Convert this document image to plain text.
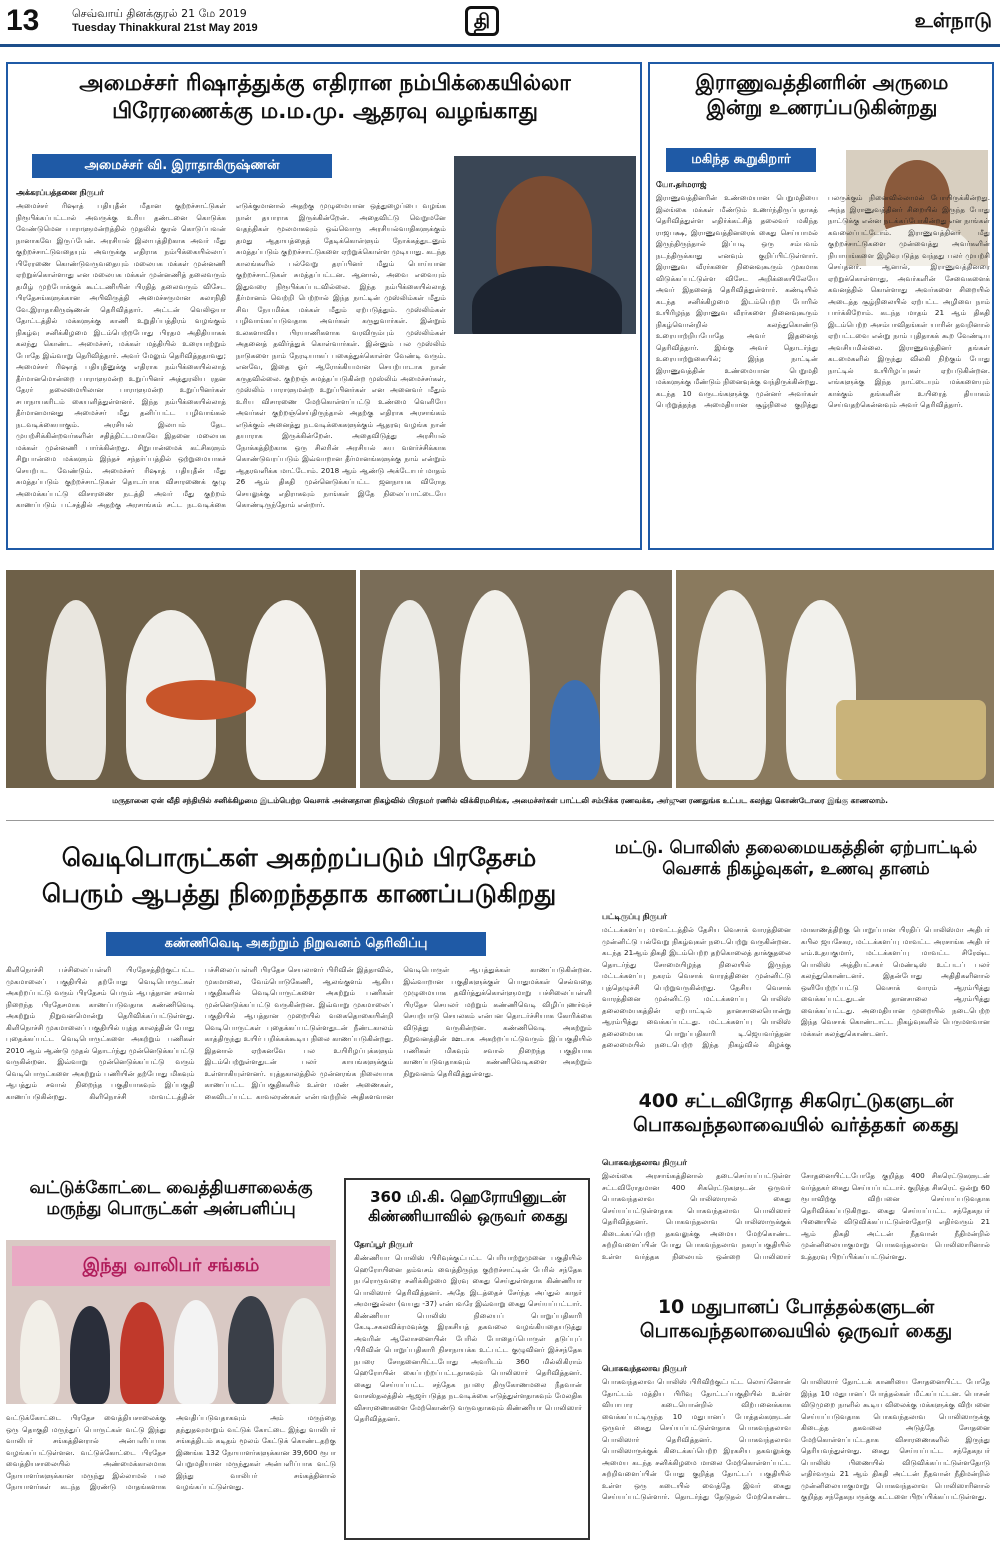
13	செவ்வாய் தினக்குரல் 21 மே 2019
Tuesday Thinakkural 21st May 2019	தி	உள்நாடு
அமைச்சர் ரிஷாத்துக்கு எதிரான நம்பிக்கையில்லா
பிரேரணைக்கு ம.ம.மு. ஆதரவு வழங்காது
அமைச்சர் வி. இராதாகிருஷ்ணன்
அக்கரப்பத்தனை நிருபர்
அமைச்சர் ரிஷாத் பதியுதீன் மீதான குற்றச்சாட்டுகள் நிரூபிக்கப்பட்டால் அவருக்கு உரிய தண்டனை கொடுக்க வேண்டுமென பாராளுமன்றத்தில் முதலில் குரல் கொடுப்பவன் நானாகவே இருப்பேன். அரசியல் இலாபத்திற்காக அவர் மீது குற்றச்சாட்டுவதையும் அவருக்கு எதிராக நம்பிக்கையில்லாப் பிரேரணை கொண்டுவருவதையும் மலையக மக்கள் முன்னணி ஏற்றுக்கொள்ளாது என மலையக மக்கள் முன்னணித் தலைவரும் தமிழ் முற்போக்குக் கூட்டணியின் பிரதித் தலைவரும் விசேட பிரதேசங்களுக்கான அபிவிருத்தி அமைச்சருமான கலாநிதி வே.இராதாகிருஷ்ணன் தெரிவித்தார். அட்டன் வெலிஓயா தோட்டத்தில் மக்களுக்கு காணி உறுதிப்பத்திரம் வழங்கும் நிகழ்வு சனிக்கிழமை இடம்பெற்றபோது பிரதம அதிதியாகக் கலந்து கொண்ட அமைச்சர், மக்கள் மத்தியில் உரையாற்றும் போதே இவ்வாறு தெரிவித்தார். அவர் மேலும் தெரிவித்ததாவது; அமைச்சர் ரிஷாத் பதியுதீனுக்கு எதிராக நம்பிக்கையில்லாத் தீர்மானமொன்றை பாராளுமன்ற உறுப்பினர் அத்துரலிய ரதன தேரர் தலைமையிலான பாராளுமன்ற உறுப்பினர்கள் சபாநாயகரிடம் கையளித்துள்ளனர். இந்த நம்பிக்கையில்லாத் தீர்மானமானது அமைச்சர் மீது தனிப்பட்ட பழிவாங்கல் நடவடிக்கையாகும். அரசியல் இலாபம் தேட முயற்சிக்கின்றவர்களின் சதித்திட்டமாகவே இதனை மலையக மக்கள் முன்னணி பார்க்கின்றது. சிறுபான்மைக் கட்சிகளும் சிறுபான்மை மக்களும் இந்தச் சந்தர்ப்பத்தில் ஒற்றுமையாகச் செயற்பட வேண்டும். அமைச்சர் ரிஷாத் பதியுதீன் மீது சுமத்தப்படும் குற்றச்சாட்டுகள் தொடர்பாக விசாரணைக் குழு அமைக்கப்பட்டு விசாரணை நடத்தி அவர் மீது குற்றம் காணப்படும் பட்சத்தில் அதற்கு அரசாங்கம் சட்ட நடவடிக்கை எடுக்குமானால் அதற்கு முழுமையான ஒத்துழைப்பை வழங்க நான் தயாராக இருக்கின்றேன். அதைவிட்டு வெறுமனே வதந்திகள் மூலமாகவும் ஒவ்வொரு அரசியல்வாதிகளுக்கும் தமது ஆதாயத்தைத் தேடிக்கொள்ளும் நோக்கத்துடனும் சுமத்தப்படும் குற்றச்சாட்டுகளை ஏற்றுக்கொள்ள முடியாது. கடந்த காலங்களில் பல்வேறு தரப்பினர் மீதும் பொய்யான குற்றச்சாட்டுகள் சுமத்தப்பட்டன. ஆனால், அவை எவையும் இதுவரை நிரூபிக்கப்படவில்லை. இந்த நம்பிக்கையில்லாத் தீர்மானம் வெற்றி பெற்றால் இந்த நாட்டின் முஸ்லிம்கள் மீதும் சிவ நேயமிக்க மக்கள் மீதும் ஏற்படுத்தும். முஸ்லிம்கள் பழிவாங்கப்படுவதாக அவர்கள் கருதுவார்கள். இன்றும் உலகளாவிய பிரயாணிகளாக வரவிரும்பும் முஸ்லிம்கள் அதனைத் தவிர்த்துக் கொள்வார்கள். இன்னும் பல முஸ்லிம் நாடுகளை நாம் நேரடியாகப் பகைத்துக்கொள்ள வேண்டி வரும். எனவே, இதை ஓர் ஆரோக்கியமான செயற்பாடாக நான் கருதவில்லை. குற்றஞ் சுமத்தப்படுகின்ற முஸ்லிம் அமைச்சர்கள், முஸ்லிம் பாராளுமன்ற உறுப்பினர்கள் என அனைவர் மீதும் உரிய விசாரணை மேற்கொள்ளப்பட்டு உண்மை வெளியே அவர்கள் குற்றஞ்செய்திருந்தால் அதற்கு எதிராக அரசாங்கம் எடுக்கும் அனைத்து நடவடிக்கைகளுக்கும் ஆதரவு வழங்க நான் தயாராக இருக்கின்றேன். அதைவிடுத்து அரசியல் நோக்கத்திற்காக ஒரு சிலரின் அரசியல் சுய வளர்ச்சிக்காக கொண்டுவரப்படும் இவ்வாறான தீர்மானங்களுக்கு நாம் என்றும் ஆதரவளிக்க மாட்டோம். 2018 ஆம் ஆண்டு அக்டோபர் மாதம் 26 ஆம் திகதி முன்னெடுக்கப்பட்ட ஜனநாயக விரோத செயலுக்கு எதிராகவும் நாங்கள் இதே நிலைப்பாட்டையே கொண்டிருந்தோம் என்றார்.
இராணுவத்தினரின் அருமை
இன்று உணரப்படுகின்றது
மகிந்த கூறுகிறார்
யோ.தர்மராஜ்
இராணுவத்தினரின் உண்மையான பெறுமதியை இலங்கை மக்கள் மீண்டும் உணர்ந்திருப்பதாகத் தெரிவித்துள்ள எதிர்க்கட்சித் தலைவர் மகிந்த ராஜபக்ஷ, இராணுவத்தினரைக் கைது செய்யாமல் இருந்திருந்தால் இப்படி ஒரு சம்பவம் நடந்திருக்காது எனவும் குறிப்பிட்டுள்ளார். இராணுவ வீரர்களை நினைவுகூரும் முகமாக விடுக்கப்பட்டுள்ள விசேட அறிக்கையிலேயே அவர் இதனைத் தெரிவித்துள்ளார். கண்டியில் கடந்த சனிக்கிழமை இடம்பெற்ற போரில் உயிரிழந்த இராணுவ வீரர்களை நினைவுகூரும் நிகழ்வொன்றில் கலந்துகொண்டு உரையாற்றியபோதே அவர் இதனைத் தெரிவித்தார். இங்கு அவர் தொடர்ந்து உரையாற்றுகையில்; இந்த நாட்டின் இராணுவத்தின் உண்மையான பெறுமதி மக்களுக்கு மீண்டும் நினைவுக்கு வந்திருக்கின்றது. கடந்த 10 வருடங்களுக்கு முன்னர் அவர்கள் பெற்றுத்தந்த அமைதியான சூழ்நிலை குறித்து பலருக்கும் நினைவில்லாமல் போயிருக்கின்றது. அந்த இராணுவத்தினர் சிறையில் இருந்த போது நாட்டுக்கு என்ன நடக்கப்போகின்றது என நாங்கள் கவலைப்பட்டோம். இராணுவத்தினர் மீது குற்றச்சாட்டுகளை முன்வைத்து அவர்களின் நியாயங்களை இழிவுபடுத்த வந்தது பலர் முயற்சி செய்தனர். ஆனால், இராணுவத்தினரை ஏற்றுக்கொள்ளாது, அவர்களின் சேவைகளைக் கவனத்தில் கொள்ளாது அவர்களை சிறையில் அடைத்த சூழ்நிலையில் ஏற்பட்ட அழிவை நாம் பார்க்கிறோம். கடந்த மாதம் 21 ஆம் திகதி இடம்பெற்ற அசம்பாவிதங்கள் யாரின் தவறினால் ஏற்பட்டவை என்று நாம் புதிதாகக் கூற வேண்டிய அவசியமில்லை. இராணுவத்தினர் தங்கள் கடமைகளில் இருந்து விலகி நிற்கும் போது நாட்டில் உயிரிழப்புகள் ஏற்படுகின்றன. எங்களுக்கு இந்த நாட்டையும் மக்களையும் காக்கும் தங்களின் உயிரைத் தியாகம் செய்வதற்கென்னவும் அவர் தெரிவித்தார்.
மருதானை ஏன் வீதி சந்தியில் சனிக்கிழமை இடம்பெற்ற வெசாக் அன்னதான நிகழ்வில் பிரதமர் ரணில் விக்கிரமசிங்க, அமைச்சர்கள் பாட்டலி சம்பிக்க ரணவக்க, அர்ஜுன ரணதுங்க உட்பட கலந்து கொண்டோரை இங்கு காணலாம்.
வெடிபொருட்கள் அகற்றப்படும் பிரதேசம்
பெரும் ஆபத்து நிறைந்ததாக காணப்படுகிறது
கண்ணிவெடி அகற்றும் நிறுவனம் தெரிவிப்பு
கிளிநொச்சி பச்சிலைப்பள்ளி பிரதேசத்திற்குட்பட்ட முகமாலைப் பகுதியில் தற்போது வெடிபொருட்கள் அகற்றப்பட்டு வரும் பிரதேசம் பெரும் ஆபத்தான சவால் நிறைந்த பிரதேசமாக காணப்படுவதாக கண்ணிவெடி அகற்றும் நிறுவனமொன்று தெரிவிக்கப்பட்டுள்ளது. கிளிநொச்சி முகமாலைப் பகுதியில் யுத்த காலத்தின் போது புதைக்கப்பட்ட வெடிபொருட்களை அகற்றும் பணிகள் 2010 ஆம் ஆண்டு முதல் தொடர்ந்து முன்னெடுக்கப்பட்டு வருகின்றன. இவ்வாறு முன்னெடுக்கப்பட்டு வரும் வெடிபொருட்களை அகற்றும் பணியின் தற்போது மிகவும் ஆபத்தும் சவால் நிறைந்த பகுதியாகவும் இப்பகுதி காணப்படுகின்றது. கிளிநொச்சி மாவட்டத்தின் பச்சிலைப்பள்ளி பிரதேச செயலாளர் பிரிவின் இத்தாவில், முகமாலை, வேம்பொடுகேணி, ஆலங்குளம் ஆகிய பகுதிகளில் வெடிபொருட்களை அகற்றும் பணிகள் முன்னெடுக்கப்பட்டு வருகின்றன. இவ்வாறு முகமாலைப் பகுதியில் ஆபத்தான முறையில் வகைதொகையின்றி வெடிபொருட்கள் புதைக்கப்பட்டுள்ளதுடன் நீண்டகாலம் காத்திருந்து உயிர் பறிக்கக்கூடிய நிலை காணப்படுகின்றது. இதனால் ஏற்கனவே பல உயிரிழப்புக்களும் இடம்பெற்றுள்ளதுடன் பலர் காயங்களுக்கும் உள்ளாகியுள்ளனர். யுத்தகாலத்தில் முன்னரங்க நிலையாக காணப்பட்ட இப்பகுதிகளில் உள்ள மண் அணைகள், கைவிடப்பட்ட காவலரண்கள் என்பவற்றில் அதிகளவான வெடிபொருள் ஆபத்துக்கள் காணப்படுகின்றன. இவ்வாறான பகுதிகளுக்குள் பொதுமக்கள் செல்வதை முழுமையாக தவிர்த்துக்கொள்ளுமாறு பச்சிலைப்பள்ளி பிரதேச செயலர் மற்றும் கண்ணிவெடி விழிப்புணர்வுச் செயற்பாடு செயலகம் என்பன தொடர்ச்சியாக கோரிக்கை விடுத்து வருகின்றன. கண்ணிவெடி அகற்றும் நிறுவனத்தின் ஊடாக அகற்றப்பட்டுவரும் இப்பகுதியில் பணிகள் மிகவும் சவால் நிறைந்த பகுதியாக காணப்படுவதாகவும் கண்ணிவெடிகளை அகற்றும் நிறுவனம் தெரிவித்துள்ளது.
மட்டு. பொலிஸ் தலைமையகத்தின் ஏற்பாட்டில்
வெசாக் நிகழ்வுகள், உணவு தானம்
பட்டிருப்பு நிருபர்
மட்டக்களப்பு மாவட்டத்தில் தேசிய வெசாக் வாரத்தினை முன்னிட்டு பல்வேறு நிகழ்வுகள் நடைபெற்று வருகின்றன. கடந்த 21ஆம் திகதி இடம்பெற்ற தற்கொலைத் தாக்குதலை தொடர்ந்து சோமையிழந்த நிலையில் இருந்த மட்டக்களப்பு நகரம் வெசாக் வாரத்தினை முன்னிட்டு புத்தெழுச்சி பெற்றுவருகின்றது. தேசிய வெசாக் வாரத்தினை முன்னிட்டு மட்டக்களப்பு பொலிஸ் தலைமையகத்தின் ஏற்பாட்டில் தானசாலையொன்று ஆரம்பித்து வைக்கப்பட்டது. மட்டக்களப்பு பொலிஸ் தலைமையக பொறுப்பதிகாரி டி.ஜெயவர்த்தன தலைமையில் நடைபெற்ற இந்த நிகழ்வில் கிழக்கு மாகாணத்திற்கு பொறுப்பான பிரதிப் பொலிஸ்மா அதிபர் கபில ஜயசேகர, மட்டக்களப்பு மாவட்ட அரசாங்க அதிபர் எம்.உதயகுமார், மட்டக்களப்பு மாவட்ட சிரேஷ்ட பொலிஸ் அத்தியட்சகர் மெண்டிஸ் உட்படப் பலர் கலந்துகொண்டனர். இதன்போது அதிதிகளினால் ஒளியேற்றப்பட்டு வெசாக் வாரம் ஆரம்பித்து வைக்கப்பட்டதுடன் தானசாலை ஆரம்பித்து வைக்கப்பட்டது. அமைதியான முறையில் நடைபெற்ற இந்த வெசாக் கொண்டாட்ட நிகழ்வுகளில் பெருமளவான மக்கள் கலந்துகொண்டனர்.
400 சட்டவிரோத சிகரெட்டுகளுடன்
பொகவந்தலாவையில் வர்த்தகர் கைது
பொகவந்தலாவ நிருபர்
இலங்கை அரசாங்கத்தினால் தடைசெய்யப்பட்டுள்ள சட்டவிரோதமான 400 சிகரெட்டுகளுடன் ஒருவர் பொகவந்தலாவ பொலிஸாரால் கைது செய்யப்பட்டுள்ளதாக பொகவந்தலாவ பொலிஸார் தெரிவித்தனர். பொகவந்தலாவ பொலிஸாருக்குக் கிடைக்கப்பெற்ற தகவலுக்கு அமைய மேற்கொண்ட சுற்றிவளைப்பின் போது பொகவந்தலாவ நகரப்பகுதியில் உள்ள வர்த்தக நிலையம் ஒன்றை பொலிஸார் சோதனையிட்டபோதே குறித்த 400 சிகரெட்டுகளுடன் வர்த்தகர் கைது செய்யப்பட்டார். குறித்த சிகரெட் ஒன்று 60 ரூபாவிற்கு விற்பனை செய்யப்படுவதாக தெரிவிக்கப்படுகிறது. கைது செய்யப்பட்ட சந்தேகநபர் பிணையில் விடுவிக்கப்பட்டுள்ளதோடு எதிர்வரும் 21 ஆம் திகதி அட்டன் நீதவான் நீதிமன்றில் முன்னிலையாகுமாறு பொகவந்தலாவ பொலிஸாரினால் உத்தரவு பிறப்பிக்கப்பட்டுள்ளது.
வட்டுக்கோட்டை வைத்தியசாலைக்கு
மருந்து பொருட்கள் அன்பளிப்பு
இந்து வாலிபர் சங்கம்
வட்டுக்கோட்டை பிரதேச வைத்தியசாலைக்கு ஒரு தொகுதி மருந்துப் பொருட்கள் வட்டு இந்து வாலிபர் சங்கத்தினரால் அன்பளிப்பாக வழங்கப்பட்டுள்ளன. வட்டுக்கோட்டை பிரதேச வைத்தியசாலையில் அண்மைக்காலமாக நோயாளர்களுக்கான மருந்து இல்லாமல் பல நோயாளர்கள் கடந்த இரண்டு மாதங்களாக அவதிப்படுவதாகவும் அம் மருந்தை தந்துதவுமாறும் வட்டுக் கோட்டை இந்து வாலிபர் சங்கத்திடம் கடிதம் மூலம் கேட்டுக் கொண்டதற்கு இணங்க 132 நோயாளர்களுக்கான 39,600 ரூபா பெறுமதியான மருந்துகள் அன்பளிப்பாக வட்டு இந்து வாலிபர் சங்கத்தினால் வழங்கப்பட்டுள்ளது.
360 மி.கி. ஹெரோயினுடன்
கிண்ணியாவில் ஒருவர் கைது
தோப்பூர் நிருபர்
கிண்ணியா பொலிஸ் பிரிவுக்குட்பட்ட பெரியாற்றுமுனை பகுதியில் ஹெரோயினை தம்வசம் வைத்திருந்த குற்றச்சாட்டின் பேரில் சந்தேக நபரொருவரை சனிக்கிழமை இரவு கைது செய்துள்ளதாக கிண்ணியா பொலிஸார் தெரிவித்தனர். அதே இடத்தைச் சேர்ந்த அப்துல் காதர் அமானுல்லா (வயது -37) என்பவரே இவ்வாறு கைது செய்யப்பட்டார். கிண்ணியா பொலிஸ் நிலையப் பொறுப்பதிகாரி கே.டி.சகலவிக்ரமவுக்கு இரகசியத் தகவலை வழங்கியதையடுத்து அவரின் ஆலோசனையின் பேரில் போதைப்பொருள் தடுப்புப் பிரிவின் பொறுப்பதிகாரி நிசாநாயக்க உட்பட்ட குழுவினர் இச்சந்தேக நபரை சோதனையிட்டபோது அவரிடம் 360 மில்லிகிராம் ஹெரோயின் கைப்பற்றப்பட்டதாகவும் பொலிஸார் தெரிவித்தனர். கைது செய்யப்பட்ட சந்தேக நபரை திருகோணமலை நீதவான் வாசஸ்தலத்தில் ஆஜர்படுத்த நடவடிக்கை எடுத்துள்ளதாகவும் மேலதிக விசாரணைகளை மேற்கொண்டு வருவதாகவும் கிண்ணியா பொலிஸார் தெரிவித்தனர்.
10 மதுபானப் போத்தல்களுடன்
பொகவந்தலாவையில் ஒருவர் கைது
பொகவந்தலாவ நிருபர்
பொகவந்தலாவ பொலிஸ் பிரிவிற்குட்பட்ட லொய்னோன் தோட்டம் மத்திய பிரிவு தோட்டப்பகுதியில் உள்ள வியாபார கடையொன்றில் விற்பனைக்காக வைக்கப்பட்டிருந்த 10 மதுபானப் போத்தல்களுடன் ஒருவர் கைது செய்யப்பட்டுள்ளதாக பொகவந்தலாவ பொலிஸார் தெரிவித்தனர். பொகவந்தலாவ பொலிஸாருக்குக் கிடைக்கப்பெற்ற இரகசிய தகவலுக்கு அமைய கடந்த சனிக்கிழமை மாலை மேற்கொள்ளப்பட்ட சுற்றிவளைப்பின் போது குறித்த தோட்டப் பகுதியில் உள்ள ஒரு கடையில் வைத்தே இவர் கைது செய்யப்பட்டுள்ளார். தொடர்ந்து தேடுதல் மேற்கொண்ட பொலிஸார் தோட்டக் காணியை சோதனையிட்ட போதே இந்த 10 மதுபானப் போத்தல்கள் மீட்கப்பட்டன. பொசன் விடுமுறை நாளில் கூடிய விலைக்கு மக்களுக்கு விற்பனை செய்யப்படுவதாக பொகவந்தலாவ பொலிஸாருக்கு கிடைத்த தகவலை அடுத்தே சோதனை மேற்கொள்ளப்பட்டதாக விசாரணைகளில் இருந்து தெரியவந்துள்ளது. கைது செய்யப்பட்ட சந்தேகநபர் பொலிஸ் பிணையில் விடுவிக்கப்பட்டுள்ளதோடு எதிர்வரும் 21 ஆம் திகதி அட்டன் நீதவான் நீதிமன்றில் முன்னிலையாகுமாறு பொகவந்தலாவ பொலிஸாரினால் குறித்த சந்தேகநபருக்கு கட்டளை பிறப்பிக்கப்பட்டுள்ளது.
